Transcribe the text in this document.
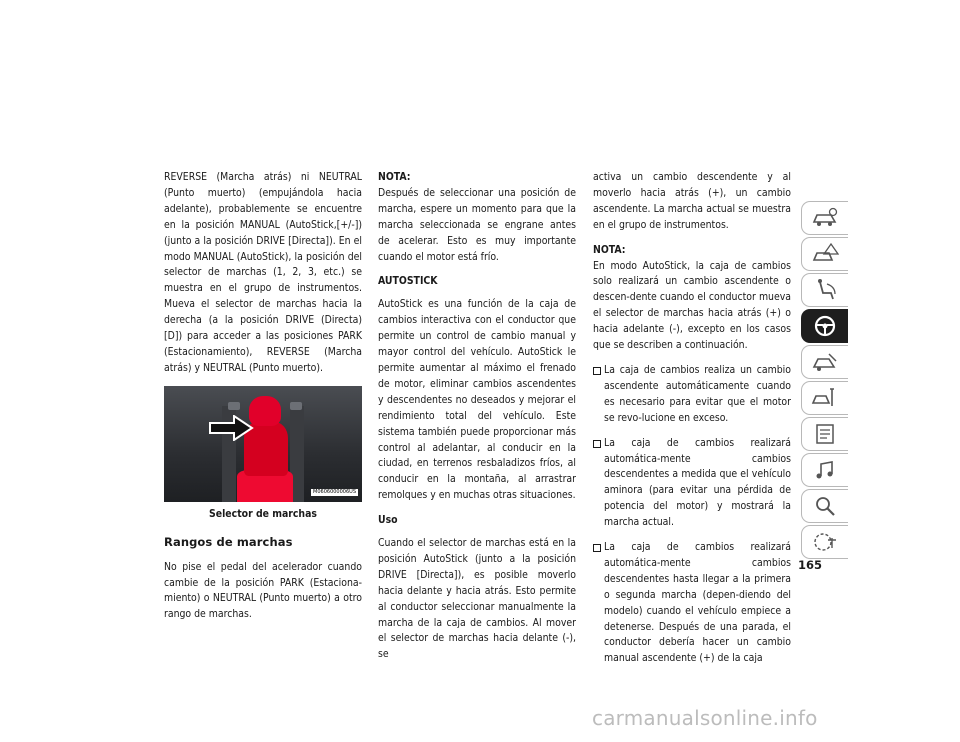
REVERSE (Marcha atrás) ni NEUTRAL (Punto muerto) (empujándola hacia adelante), probablemente se encuentre en la posición MANUAL (AutoStick,[+/-]) (junto a la posición DRIVE [Directa]). En el modo MANUAL (AutoStick), la posición del selector de marchas (1, 2, 3, etc.) se muestra en el grupo de instrumentos. Mueva el selector de marchas hacia la derecha (a la posición DRIVE (Directa) [D]) para acceder a las posiciones PARK (Estacionamiento), REVERSE (Marcha atrás) y NEUTRAL (Punto muerto).

M0606000006US
Selector de marchas
Rangos de marchas

No pise el pedal del acelerador cuando cambie de la posición PARK (Estaciona-miento) o NEUTRAL (Punto muerto) a otro rango de marchas.

NOTA:

Después de seleccionar una posición de marcha, espere un momento para que la marcha seleccionada se engrane antes de acelerar. Esto es muy importante cuando el motor está frío.

AUTOSTICK

AutoStick es una función de la caja de cambios interactiva con el conductor que permite un control de cambio manual y mayor control del vehículo. AutoStick le permite aumentar al máximo el frenado de motor, eliminar cambios ascendentes y descendentes no deseados y mejorar el rendimiento total del vehículo. Este sistema también puede proporcionar más control al adelantar, al conducir en la ciudad, en terrenos resbaladizos fríos, al conducir en la montaña, al arrastrar remolques y en muchas otras situaciones.

Uso

Cuando el selector de marchas está en la posición AutoStick (junto a la posición DRIVE [Directa]), es posible moverlo hacia delante y hacia atrás. Esto permite al conductor seleccionar manualmente la marcha de la caja de cambios. Al mover el selector de marchas hacia delante (-), se

activa un cambio descendente y al moverlo hacia atrás (+), un cambio ascendente. La marcha actual se muestra en el grupo de instrumentos.

NOTA:

En modo AutoStick, la caja de cambios solo realizará un cambio ascendente o descen-dente cuando el conductor mueva el selector de marchas hacia atrás (+) o hacia adelante (-), excepto en los casos que se describen a continuación.

La caja de cambios realiza un cambio ascendente automáticamente cuando es necesario para evitar que el motor se revo-lucione en exceso.
La caja de cambios realizará automática-mente cambios descendentes a medida que el vehículo aminora (para evitar una pérdida de potencia del motor) y mostrará la marcha actual.
La caja de cambios realizará automática-mente cambios descendentes hasta llegar a la primera o segunda marcha (depen-diendo del modelo) cuando el vehículo empiece a detenerse. Después de una parada, el conductor debería hacer un cambio manual ascendente (+) de la caja
165
carmanualsonline.info
